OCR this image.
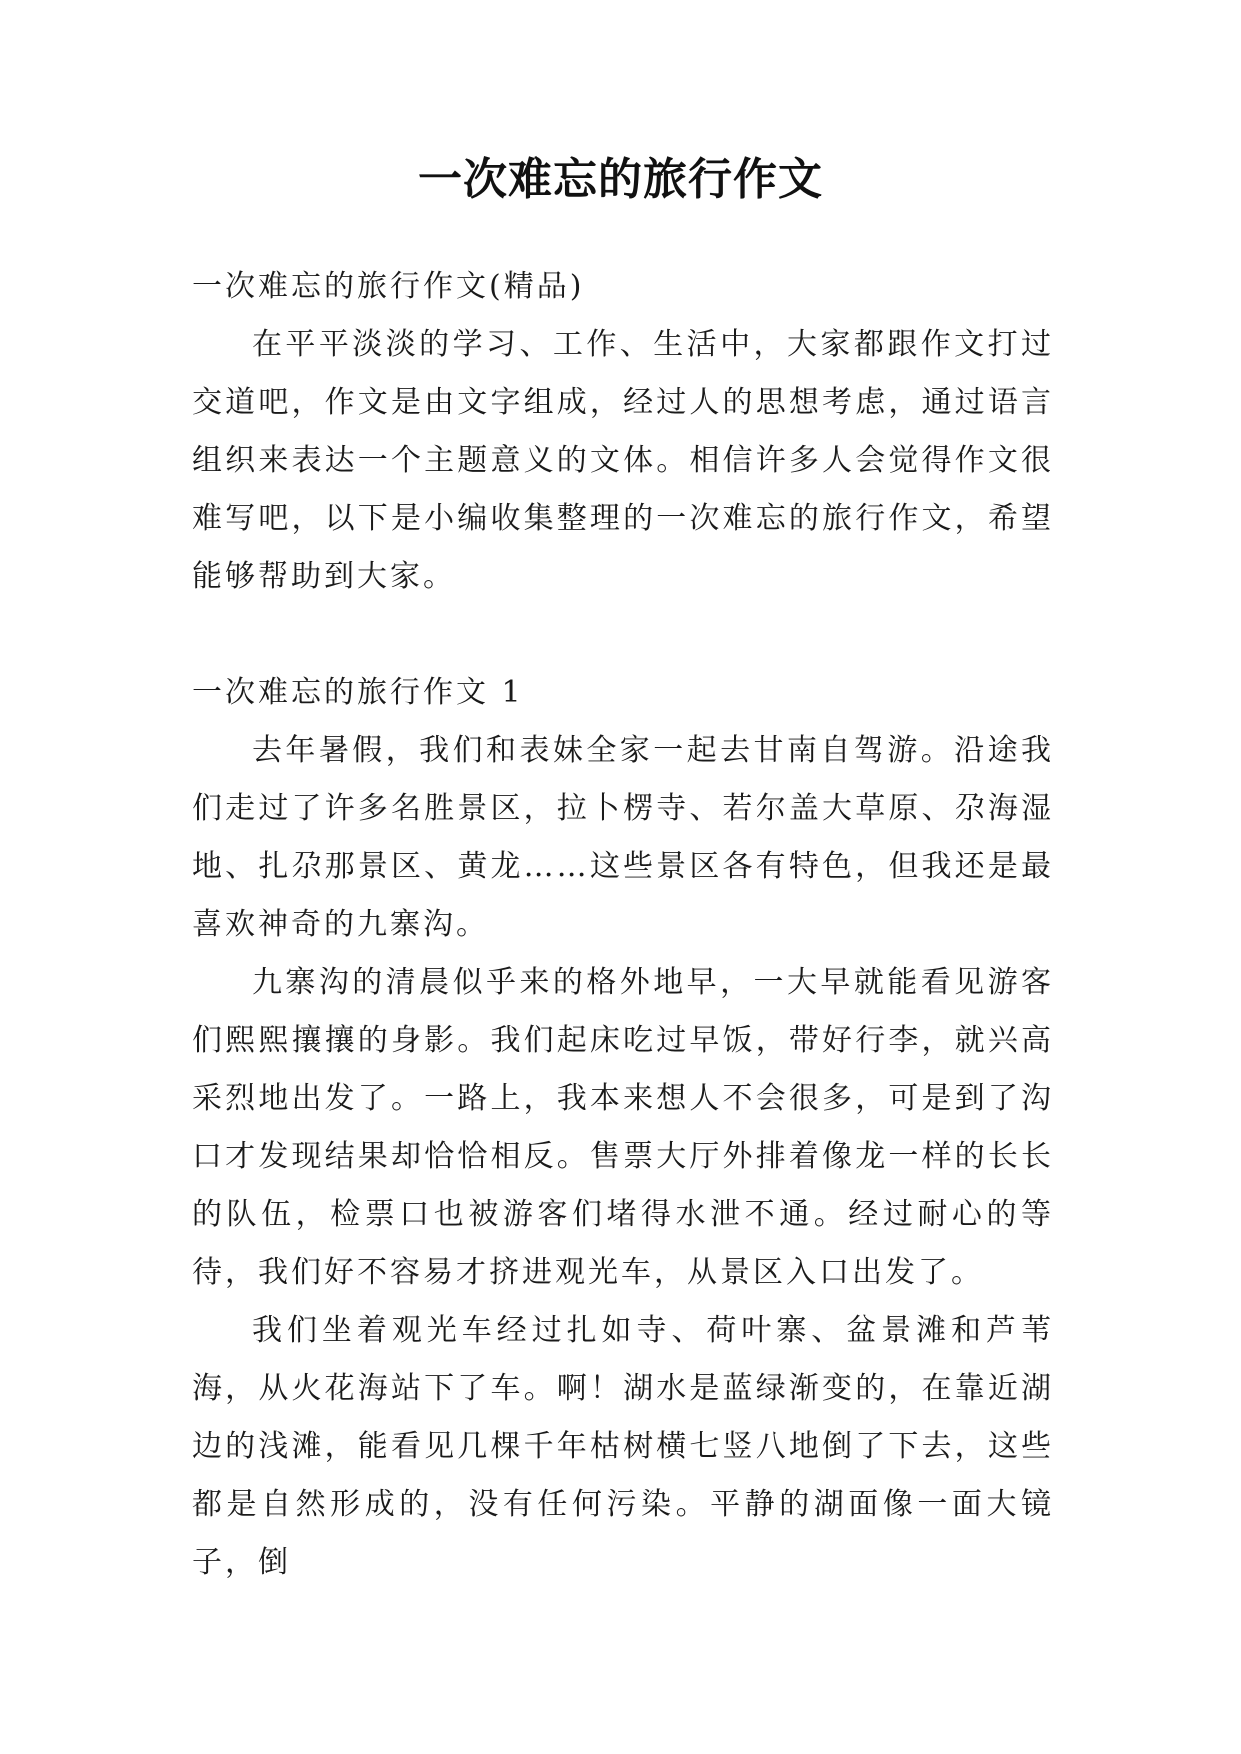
一次难忘的旅行作文

一次难忘的旅行作文(精品)

在平平淡淡的学习、工作、生活中，大家都跟作文打过交道吧，作文是由文字组成，经过人的思想考虑，通过语言组织来表达一个主题意义的文体。相信许多人会觉得作文很难写吧，以下是小编收集整理的一次难忘的旅行作文，希望能够帮助到大家。

一次难忘的旅行作文 1

去年暑假，我们和表妹全家一起去甘南自驾游。沿途我们走过了许多名胜景区，拉卜楞寺、若尔盖大草原、尕海湿地、扎尕那景区、黄龙……这些景区各有特色，但我还是最喜欢神奇的九寨沟。

九寨沟的清晨似乎来的格外地早，一大早就能看见游客们熙熙攘攘的身影。我们起床吃过早饭，带好行李，就兴高采烈地出发了。一路上，我本来想人不会很多，可是到了沟口才发现结果却恰恰相反。售票大厅外排着像龙一样的长长的队伍，检票口也被游客们堵得水泄不通。经过耐心的等待，我们好不容易才挤进观光车，从景区入口出发了。

我们坐着观光车经过扎如寺、荷叶寨、盆景滩和芦苇海，从火花海站下了车。啊！湖水是蓝绿渐变的，在靠近湖边的浅滩，能看见几棵千年枯树横七竖八地倒了下去，这些都是自然形成的，没有任何污染。平静的湖面像一面大镜子，倒
